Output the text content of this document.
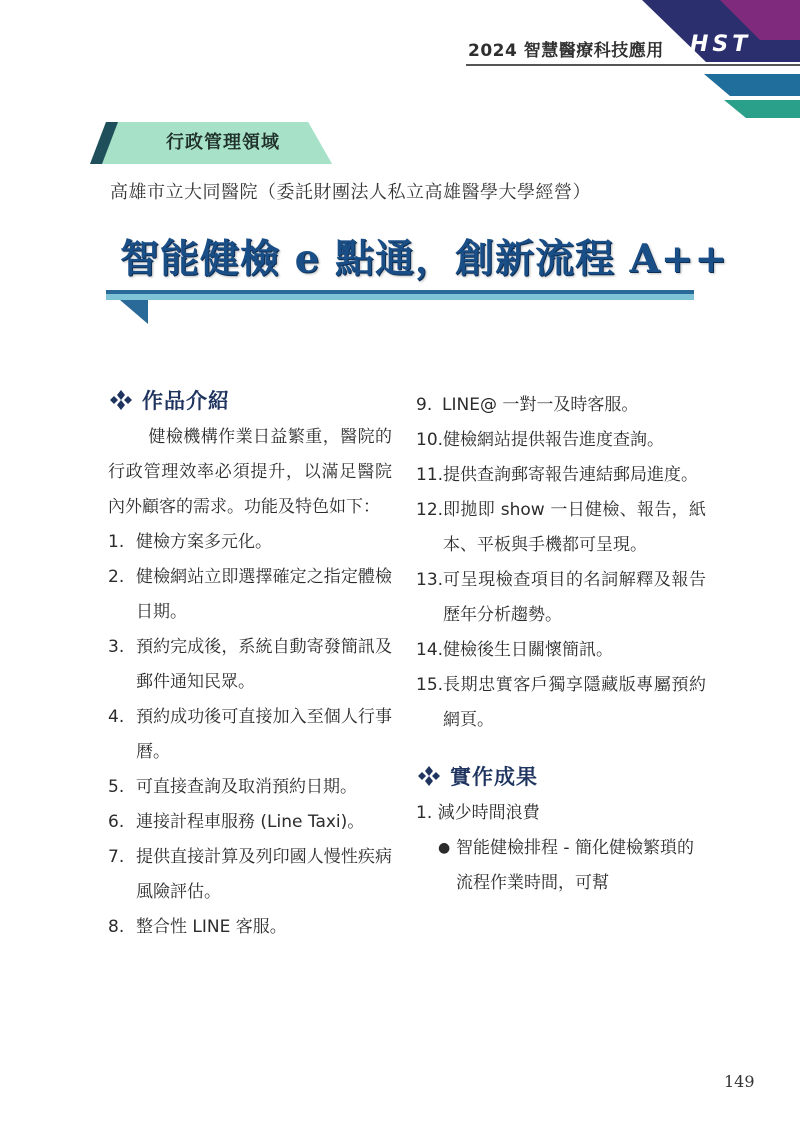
2024 智慧醫療科技應用 HST
行政管理領域
高雄市立大同醫院（委託財團法人私立高雄醫學大學經營）
智能健檢 e 點通，創新流程 A++
作品介紹
健檢機構作業日益繁重，醫院的行政管理效率必須提升，以滿足醫院內外顧客的需求。功能及特色如下：
1. 健檢方案多元化。
2. 健檢網站立即選擇確定之指定體檢日期。
3. 預約完成後，系統自動寄發簡訊及郵件通知民眾。
4. 預約成功後可直接加入至個人行事曆。
5. 可直接查詢及取消預約日期。
6. 連接計程車服務 (Line Taxi)。
7. 提供直接計算及列印國人慢性疾病風險評估。
8. 整合性 LINE 客服。
9. LINE@ 一對一及時客服。
10. 健檢網站提供報告進度查詢。
11. 提供查詢郵寄報告連結郵局進度。
12. 即拋即 show 一日健檢、報告，紙本、平板與手機都可呈現。
13. 可呈現檢查項目的名詞解釋及報告歷年分析趨勢。
14. 健檢後生日關懷簡訊。
15. 長期忠實客戶獨享隱藏版專屬預約網頁。
實作成果
1. 減少時間浪費
● 智能健檢排程 - 簡化健檢繁瑣的流程作業時間，可幫
149
